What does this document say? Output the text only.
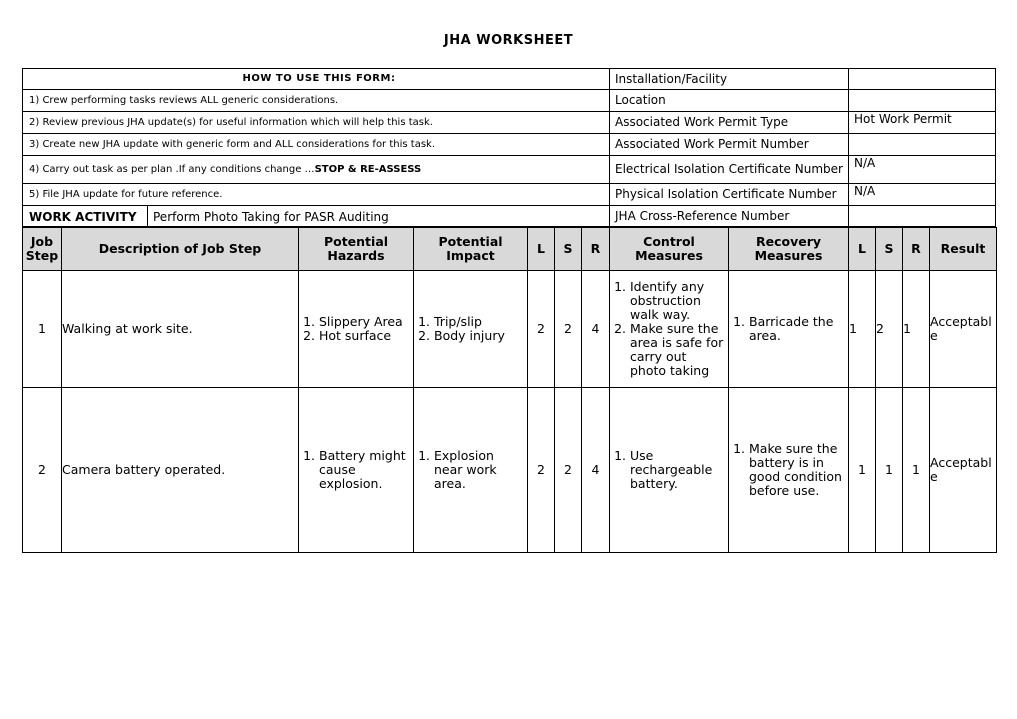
JHA WORKSHEET
HOW TO USE THIS FORM:	Installation/Facility
1) Crew performing tasks reviews ALL generic considerations.	Location
2) Review previous JHA update(s) for useful information which will help this task.	Associated Work Permit Type	Hot Work Permit
3) Create new JHA update with generic form and ALL considerations for this task.	Associated Work Permit Number
4) Carry out task as per plan .If any conditions change … STOP & RE-ASSESS	Electrical Isolation Certificate Number N/A
5) File JHA update for future reference.	Physical Isolation Certificate Number	N/A
WORK ACTIVITY	Perform Photo Taking for PASR Auditing	JHA Cross-Reference Number
Job Step	Description of Job Step	Potential Hazards
Potential Impact	L	S	R	Control Measures
Recovery Measures	L	S	R	Result
1 Walking at work site.
1.	Slippery Area
2. Hot surface
1. Trip/slip
2. Body injury	2 2 4
1. Identify any obstruction walk way.
2. Make sure the area is safe for carry out photo taking
1. Barricade the area.	1 2 1 Acceptable
2 Camera battery operated.
1. Battery might cause explosion.
1. Explosion near work area.
2 2 4
1. Use rechargeable battery.
1. Make sure the battery is in good condition before use.
1 1 1 Acceptable
